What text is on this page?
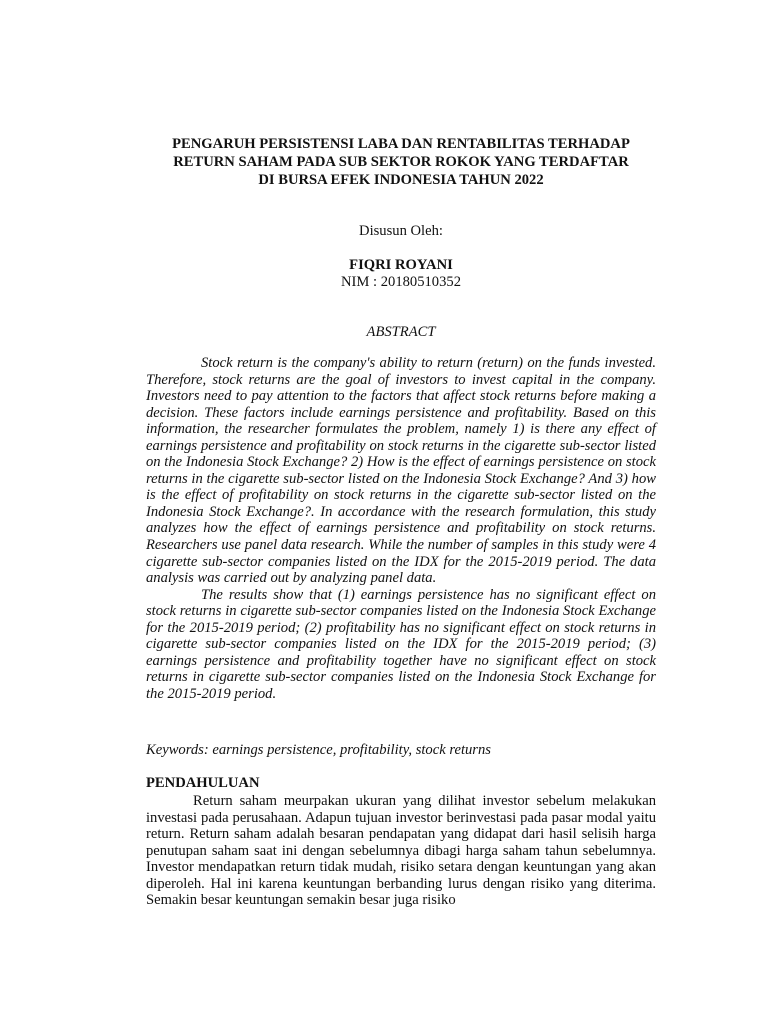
PENGARUH PERSISTENSI LABA DAN RENTABILITAS TERHADAP
RETURN SAHAM PADA SUB SEKTOR ROKOK YANG TERDAFTAR
DI BURSA EFEK INDONESIA TAHUN 2022
Disusun Oleh:
FIQRI ROYANI
NIM : 20180510352
ABSTRACT

Stock return is the company's ability to return (return) on the funds invested. Therefore, stock returns are the goal of investors to invest capital in the company. Investors need to pay attention to the factors that affect stock returns before making a decision. These factors include earnings persistence and profitability. Based on this information, the researcher formulates the problem, namely 1) is there any effect of earnings persistence and profitability on stock returns in the cigarette sub-sector listed on the Indonesia Stock Exchange? 2) How is the effect of earnings persistence on stock returns in the cigarette sub-sector listed on the Indonesia Stock Exchange? And 3) how is the effect of profitability on stock returns in the cigarette sub-sector listed on the Indonesia Stock Exchange?. In accordance with the research formulation, this study analyzes how the effect of earnings persistence and profitability on stock returns. Researchers use panel data research. While the number of samples in this study were 4 cigarette sub-sector companies listed on the IDX for the 2015-2019 period. The data analysis was carried out by analyzing panel data.

The results show that (1) earnings persistence has no significant effect on stock returns in cigarette sub-sector companies listed on the Indonesia Stock Exchange for the 2015-2019 period; (2) profitability has no significant effect on stock returns in cigarette sub-sector companies listed on the IDX for the 2015-2019 period; (3) earnings persistence and profitability together have no significant effect on stock returns in cigarette sub-sector companies listed on the Indonesia Stock Exchange for the 2015-2019 period.

Keywords: earnings persistence, profitability, stock returns
PENDAHULUAN

Return saham meurpakan ukuran yang dilihat investor sebelum melakukan investasi pada perusahaan. Adapun tujuan investor berinvestasi pada pasar modal yaitu return. Return saham adalah besaran pendapatan yang didapat dari hasil selisih harga penutupan saham saat ini dengan sebelumnya dibagi harga saham tahun sebelumnya. Investor mendapatkan return tidak mudah, risiko setara dengan keuntungan yang akan diperoleh. Hal ini karena keuntungan berbanding lurus dengan risiko yang diterima. Semakin besar keuntungan semakin besar juga risiko
